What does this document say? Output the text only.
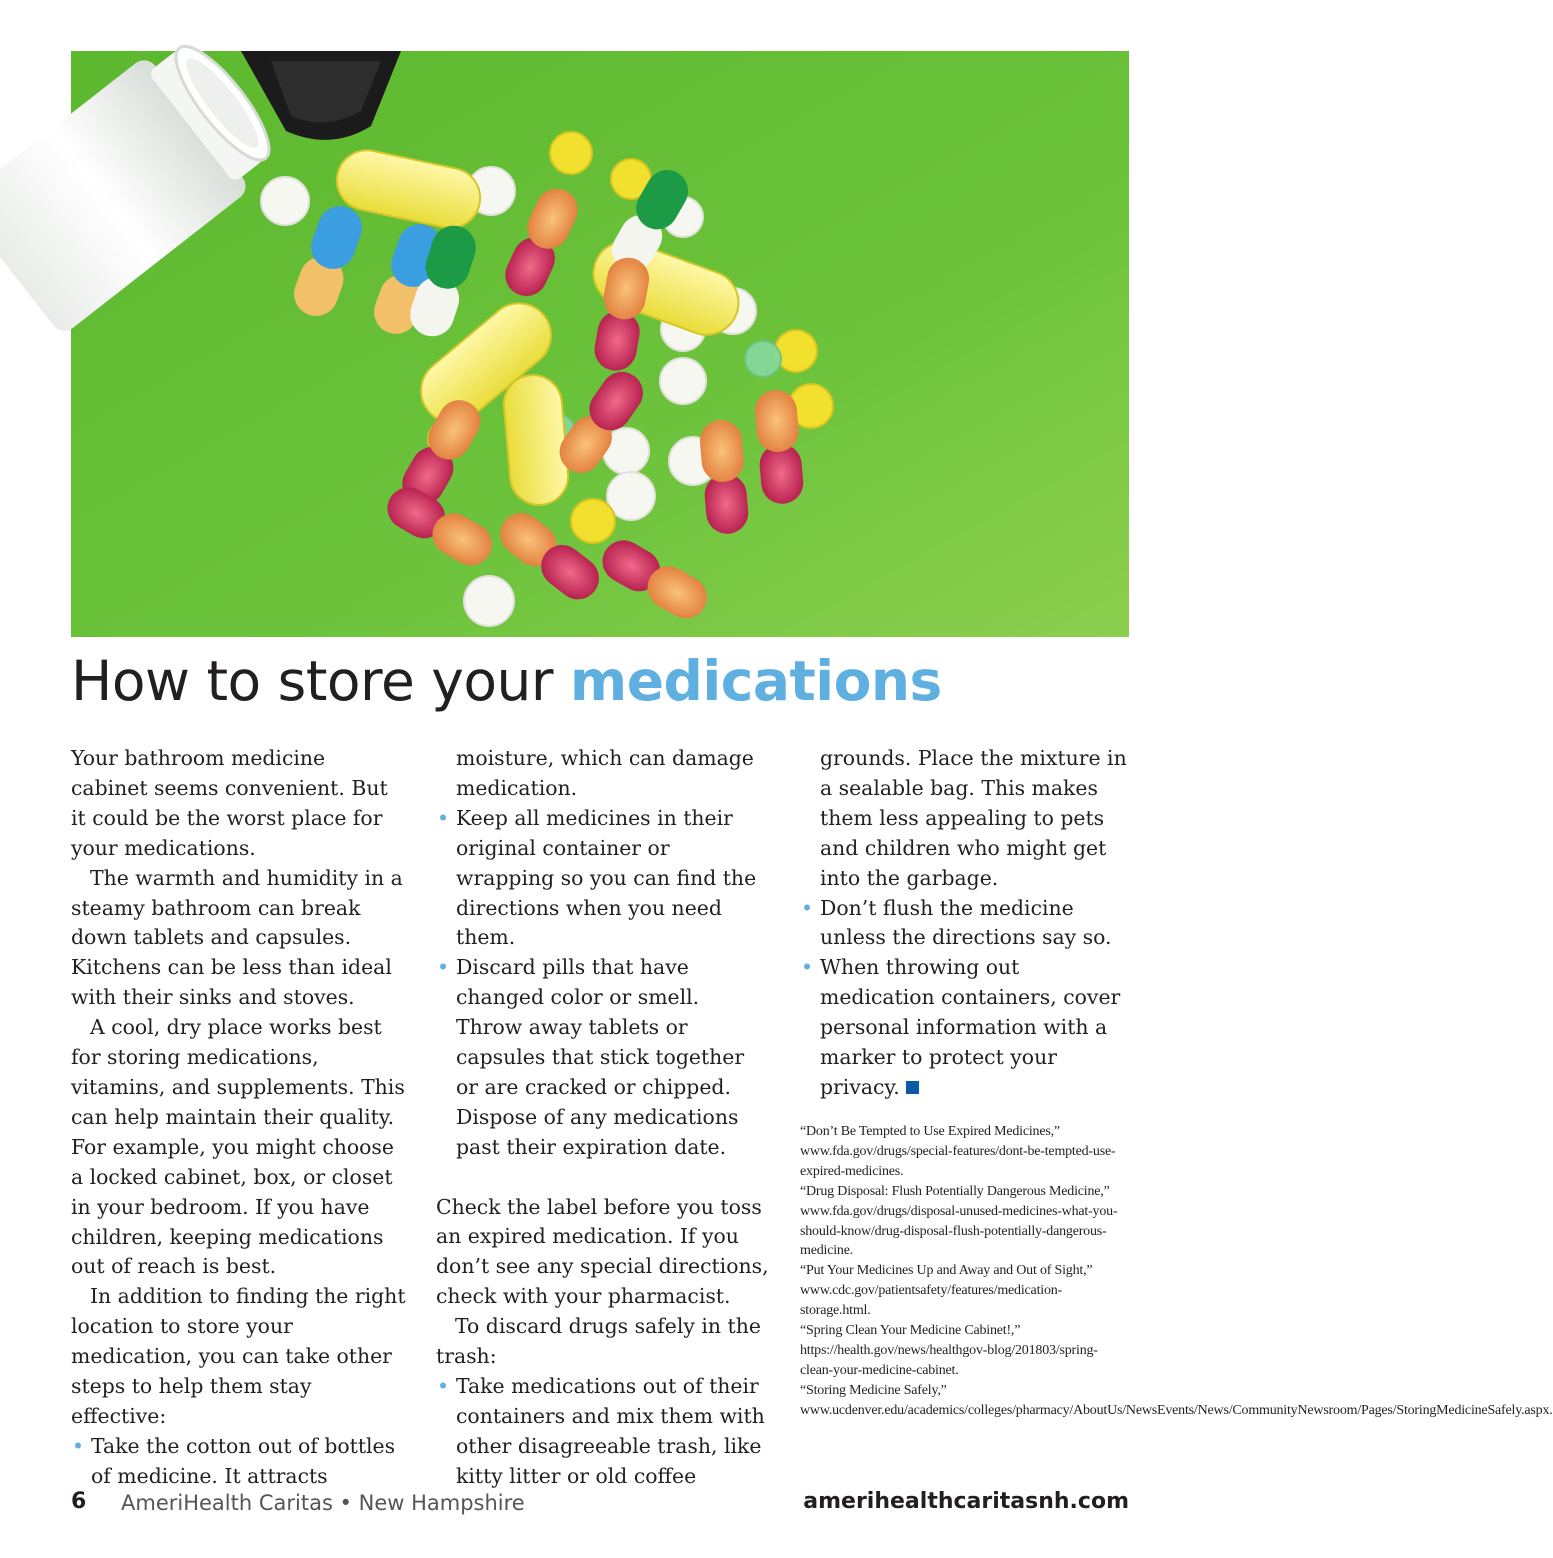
How to store your medications

Your bathroom medicine cabinet seems convenient. But it could be the worst place for your medications.

The warmth and humidity in a steamy bathroom can break down tablets and capsules. Kitchens can be less than ideal with their sinks and stoves.

A cool, dry place works best for storing medications, vitamins, and supplements. This can help maintain their quality. For example, you might choose a locked cabinet, box, or closet in your bedroom. If you have children, keeping medications out of reach is best.

In addition to finding the right location to store your medication, you can take other steps to help them stay effective:

• Take the cotton out of bottles of medicine. It attracts
moisture, which can damage medication.
• Keep all medicines in their original container or wrapping so you can find the directions when you need them.
• Discard pills that have changed color or smell. Throw away tablets or capsules that stick together or are cracked or chipped. Dispose of any medications past their expiration date.

Check the label before you toss an expired medication. If you don’t see any special directions, check with your pharmacist.

To discard drugs safely in the trash:

• Take medications out of their containers and mix them with other disagreeable trash, like kitty litter or old coffee
grounds. Place the mixture in a sealable bag. This makes them less appealing to pets and children who might get into the garbage.
• Don’t flush the medicine unless the directions say so.
• When throwing out medication containers, cover personal information with a marker to protect your privacy.

“Don’t Be Tempted to Use Expired Medicines,” www.fda.gov/drugs/special-features/dont-be-tempted-use-expired-medicines.

“Drug Disposal: Flush Potentially Dangerous Medicine,” www.fda.gov/drugs/disposal-unused-medicines-what-you-should-know/drug-disposal-flush-potentially-dangerous-medicine.

“Put Your Medicines Up and Away and Out of Sight,” www.cdc.gov/patientsafety/features/medication-storage.html.

“Spring Clean Your Medicine Cabinet!,” https://health.gov/news/healthgov-blog/201803/spring-clean-your-medicine-cabinet.

“Storing Medicine Safely,” www.ucdenver.edu/academics/colleges/pharmacy/AboutUs/NewsEvents/News/CommunityNewsroom/Pages/StoringMedicineSafely.aspx.

6 AmeriHealth Caritas • New Hampshire	amerihealthcaritasnh.com
